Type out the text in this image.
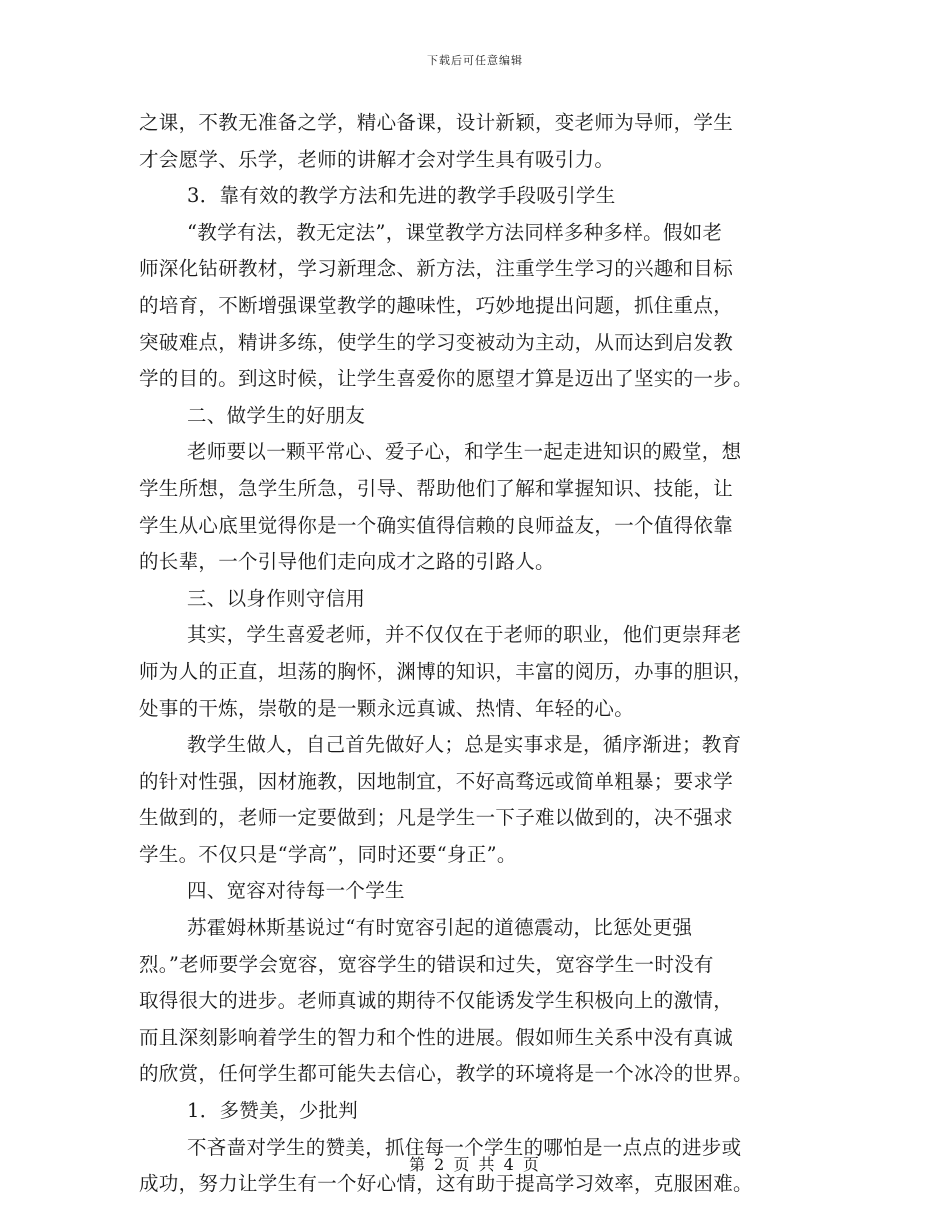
下载后可任意编辑
之课，不教无准备之学，精心备课，设计新颖，变老师为导师，学生
才会愿学、乐学，老师的讲解才会对学生具有吸引力。
3．靠有效的教学方法和先进的教学手段吸引学生
“教学有法，教无定法”，课堂教学方法同样多种多样。假如老
师深化钻研教材，学习新理念、新方法，注重学生学习的兴趣和目标
的培育，不断增强课堂教学的趣味性，巧妙地提出问题，抓住重点，
突破难点，精讲多练，使学生的学习变被动为主动，从而达到启发教
学的目的。到这时候，让学生喜爱你的愿望才算是迈出了坚实的一步。
二、做学生的好朋友
老师要以一颗平常心、爱子心，和学生一起走进知识的殿堂，想
学生所想，急学生所急，引导、帮助他们了解和掌握知识、技能，让
学生从心底里觉得你是一个确实值得信赖的良师益友，一个值得依靠
的长辈，一个引导他们走向成才之路的引路人。
三、以身作则守信用
其实，学生喜爱老师，并不仅仅在于老师的职业，他们更崇拜老
师为人的正直，坦荡的胸怀，渊博的知识，丰富的阅历，办事的胆识，
处事的干炼，崇敬的是一颗永远真诚、热情、年轻的心。
教学生做人，自己首先做好人；总是实事求是，循序渐进；教育
的针对性强，因材施教，因地制宜，不好高骛远或简单粗暴；要求学
生做到的，老师一定要做到；凡是学生一下子难以做到的，决不强求
学生。不仅只是“学高”，同时还要“身正”。
四、宽容对待每一个学生
苏霍姆林斯基说过“有时宽容引起的道德震动，比惩处更强
烈。”老师要学会宽容，宽容学生的错误和过失，宽容学生一时没有
取得很大的进步。老师真诚的期待不仅能诱发学生积极向上的激情，
而且深刻影响着学生的智力和个性的进展。假如师生关系中没有真诚
的欣赏，任何学生都可能失去信心，教学的环境将是一个冰冷的世界。
1．多赞美，少批判
不吝啬对学生的赞美，抓住每一个学生的哪怕是一点点的进步或
成功，努力让学生有一个好心情，这有助于提高学习效率，克服困难。
第 2 页 共 4 页
